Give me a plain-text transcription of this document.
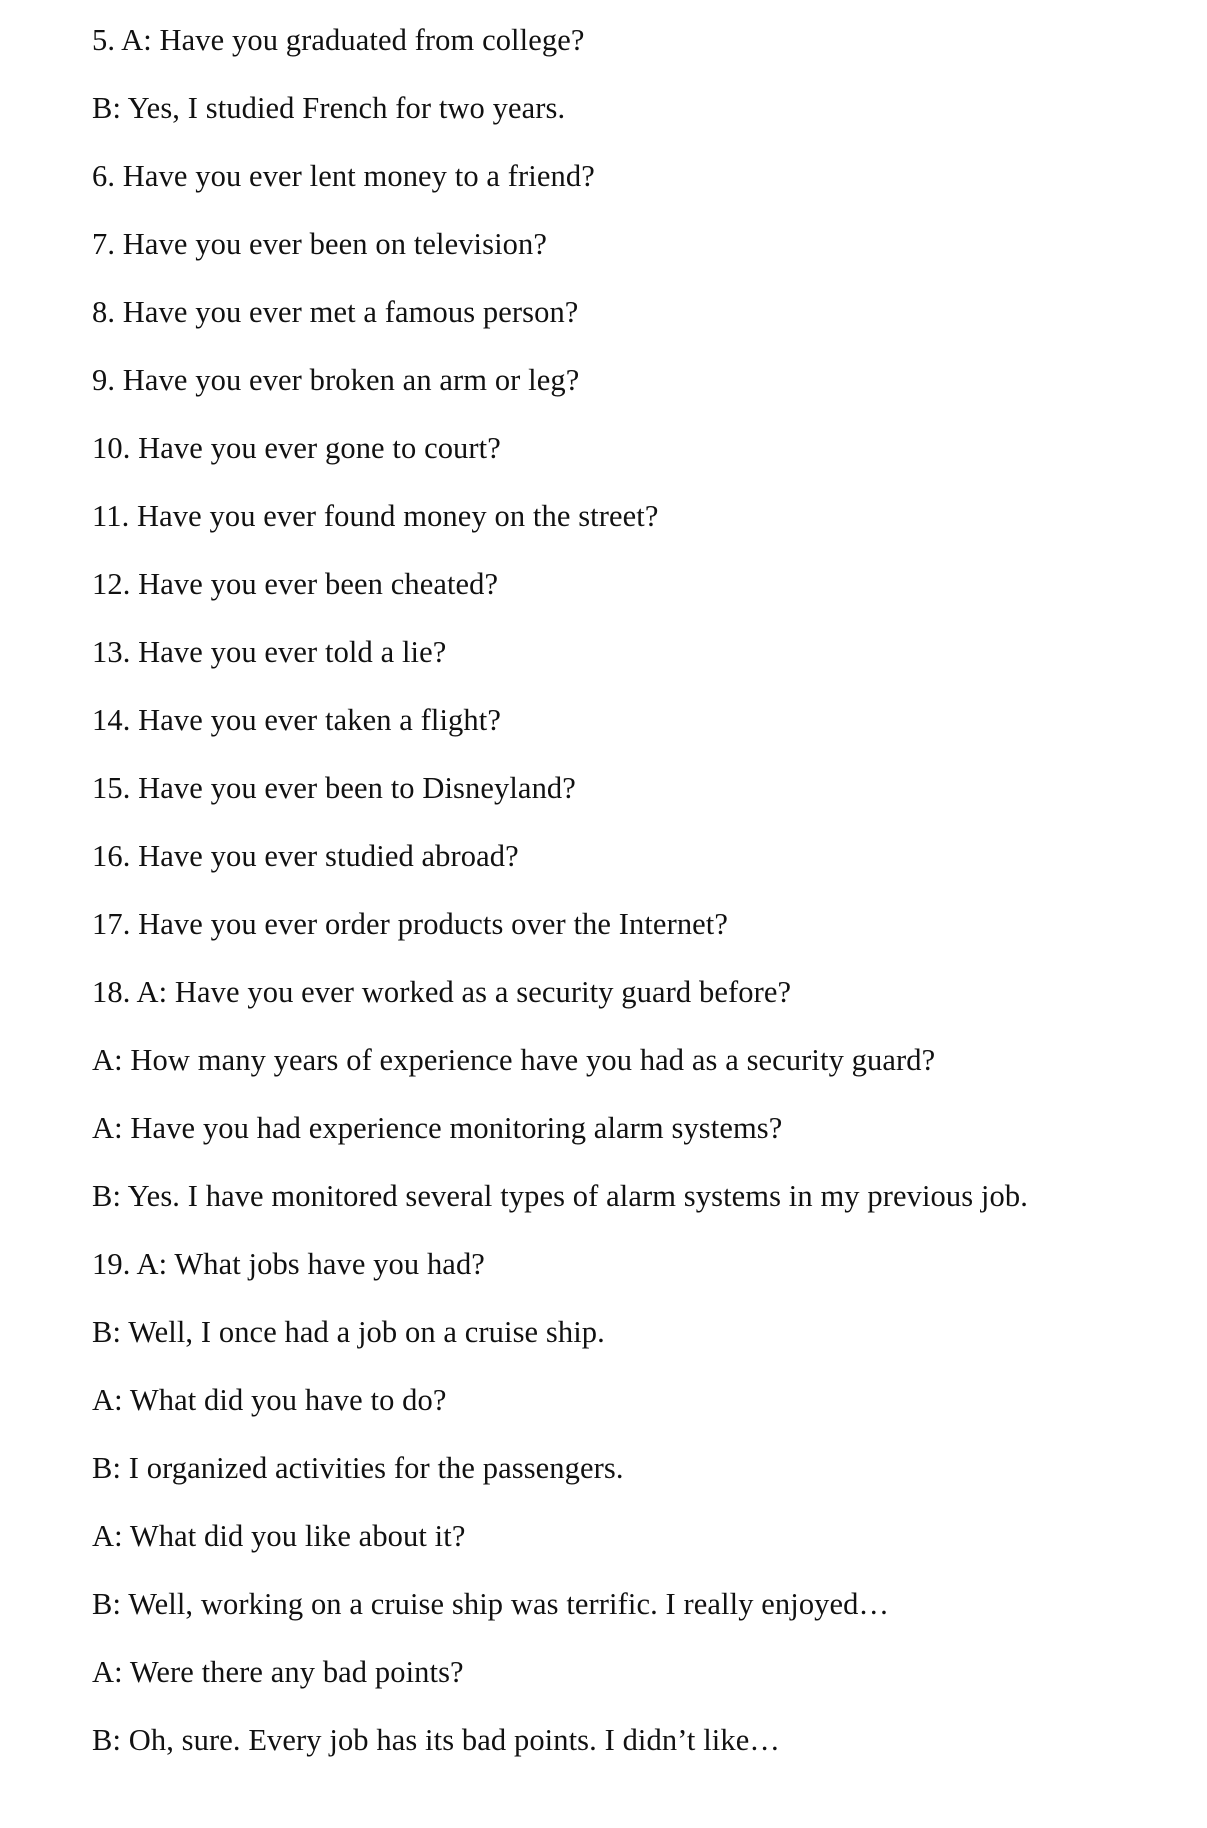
5. A: Have you graduated from college?
B: Yes, I studied French for two years.
6. Have you ever lent money to a friend?
7. Have you ever been on television?
8. Have you ever met a famous person?
9. Have you ever broken an arm or leg?
10. Have you ever gone to court?
11. Have you ever found money on the street?
12. Have you ever been cheated?
13. Have you ever told a lie?
14. Have you ever taken a flight?
15. Have you ever been to Disneyland?
16. Have you ever studied abroad?
17. Have you ever order products over the Internet?
18. A: Have you ever worked as a security guard before?
A: How many years of experience have you had as a security guard?
A: Have you had experience monitoring alarm systems?
B: Yes. I have monitored several types of alarm systems in my previous job.
19. A: What jobs have you had?
B: Well, I once had a job on a cruise ship.
A: What did you have to do?
B: I organized activities for the passengers.
A: What did you like about it?
B: Well, working on a cruise ship was terrific. I really enjoyed…
A: Were there any bad points?
B: Oh, sure. Every job has its bad points. I didn’t like…
